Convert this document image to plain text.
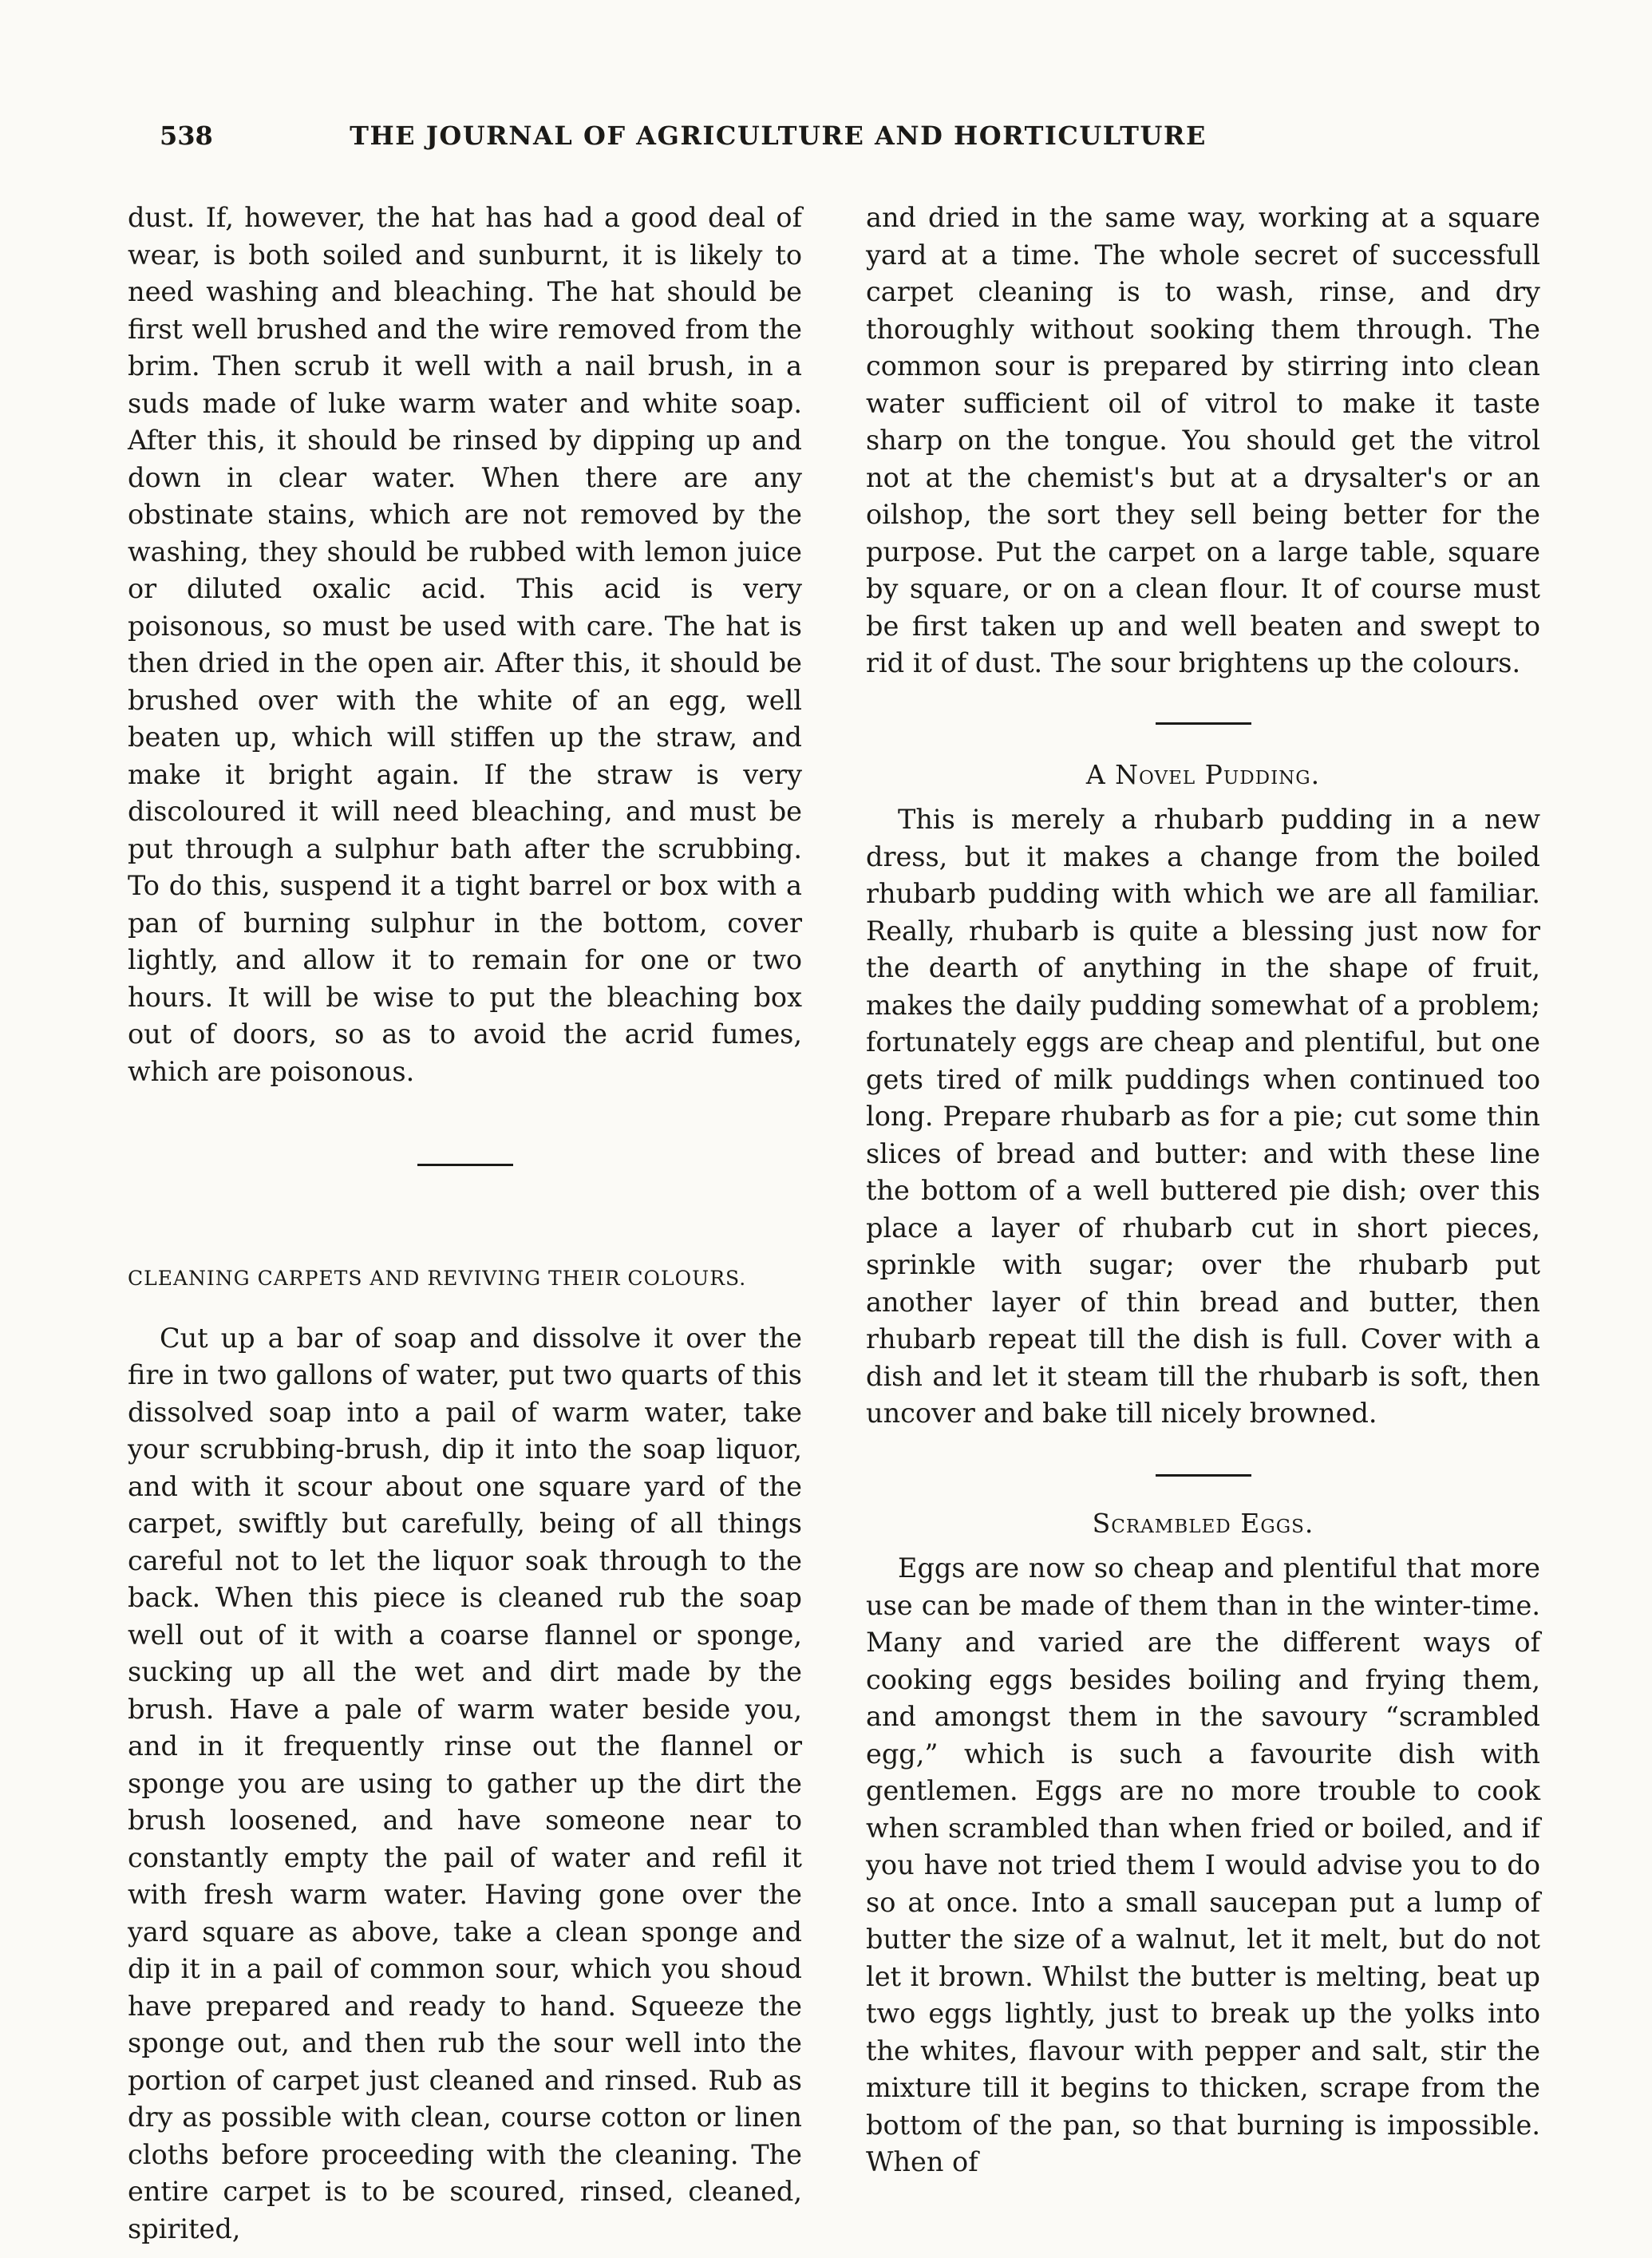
538	THE JOURNAL OF AGRICULTURE AND HORTICULTURE

dust. If, however, the hat has had a good deal of wear, is both soiled and sunburnt, it is likely to need washing and bleaching. The hat should be first well brushed and the wire removed from the brim. Then scrub it well with a nail brush, in a suds made of luke warm water and white soap. After this, it should be rinsed by dipping up and down in clear water. When there are any obstinate stains, which are not removed by the washing, they should be rubbed with lemon juice or diluted oxalic acid. This acid is very poisonous, so must be used with care. The hat is then dried in the open air. After this, it should be brushed over with the white of an egg, well beaten up, which will stiffen up the straw, and make it bright again. If the straw is very discoloured it will need bleaching, and must be put through a sulphur bath after the scrubbing. To do this, suspend it a tight barrel or box with a pan of burning sulphur in the bottom, cover lightly, and allow it to remain for one or two hours. It will be wise to put the bleaching box out of doors, so as to avoid the acrid fumes, which are poisonous.

CLEANING CARPETS AND REVIVING THEIR COLOURS.

Cut up a bar of soap and dissolve it over the fire in two gallons of water, put two quarts of this dissolved soap into a pail of warm water, take your scrubbing-brush, dip it into the soap liquor, and with it scour about one square yard of the carpet, swiftly but carefully, being of all things careful not to let the liquor soak through to the back. When this piece is cleaned rub the soap well out of it with a coarse flannel or sponge, sucking up all the wet and dirt made by the brush. Have a pale of warm water beside you, and in it frequently rinse out the flannel or sponge you are using to gather up the dirt the brush loosened, and have someone near to constantly empty the pail of water and refil it with fresh warm water. Having gone over the yard square as above, take a clean sponge and dip it in a pail of common sour, which you shoud have prepared and ready to hand. Squeeze the sponge out, and then rub the sour well into the portion of carpet just cleaned and rinsed. Rub as dry as possible with clean, course cotton or linen cloths before proceeding with the cleaning. The entire carpet is to be scoured, rinsed, cleaned, spirited,

and dried in the same way, working at a square yard at a time. The whole secret of successfull carpet cleaning is to wash, rinse, and dry thoroughly without sooking them through. The common sour is prepared by stirring into clean water sufficient oil of vitrol to make it taste sharp on the tongue. You should get the vitrol not at the chemist's but at a drysalter's or an oilshop, the sort they sell being better for the purpose. Put the carpet on a large table, square by square, or on a clean flour. It of course must be first taken up and well beaten and swept to rid it of dust. The sour brightens up the colours.

A Novel Pudding.

This is merely a rhubarb pudding in a new dress, but it makes a change from the boiled rhubarb pudding with which we are all familiar. Really, rhubarb is quite a blessing just now for the dearth of anything in the shape of fruit, makes the daily pudding somewhat of a problem; fortunately eggs are cheap and plentiful, but one gets tired of milk puddings when continued too long. Prepare rhubarb as for a pie; cut some thin slices of bread and butter: and with these line the bottom of a well buttered pie dish; over this place a layer of rhubarb cut in short pieces, sprinkle with sugar; over the rhubarb put another layer of thin bread and butter, then rhubarb repeat till the dish is full. Cover with a dish and let it steam till the rhubarb is soft, then uncover and bake till nicely browned.

Scrambled Eggs.

Eggs are now so cheap and plentiful that more use can be made of them than in the winter-time. Many and varied are the different ways of cooking eggs besides boiling and frying them, and amongst them in the savoury “scrambled egg,” which is such a favourite dish with gentlemen. Eggs are no more trouble to cook when scrambled than when fried or boiled, and if you have not tried them I would advise you to do so at once. Into a small saucepan put a lump of butter the size of a walnut, let it melt, but do not let it brown. Whilst the butter is melting, beat up two eggs lightly, just to break up the yolks into the whites, flavour with pepper and salt, stir the mixture till it begins to thicken, scrape from the bottom of the pan, so that burning is impossible. When of
